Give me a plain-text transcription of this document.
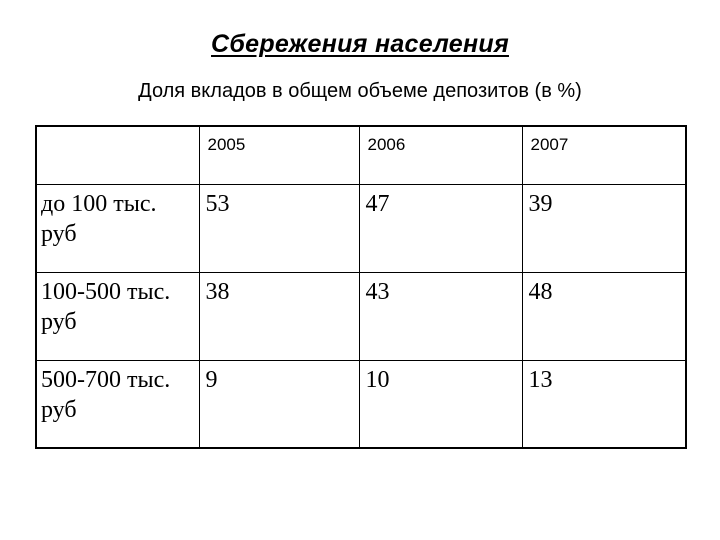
Сбережения населения
Доля вкладов в общем объеме депозитов (в %)
	2005	2006	2007
до 100 тыс. руб	53	47	39
100-500 тыс. руб	38	43	48
500-700 тыс. руб	9	10	13
